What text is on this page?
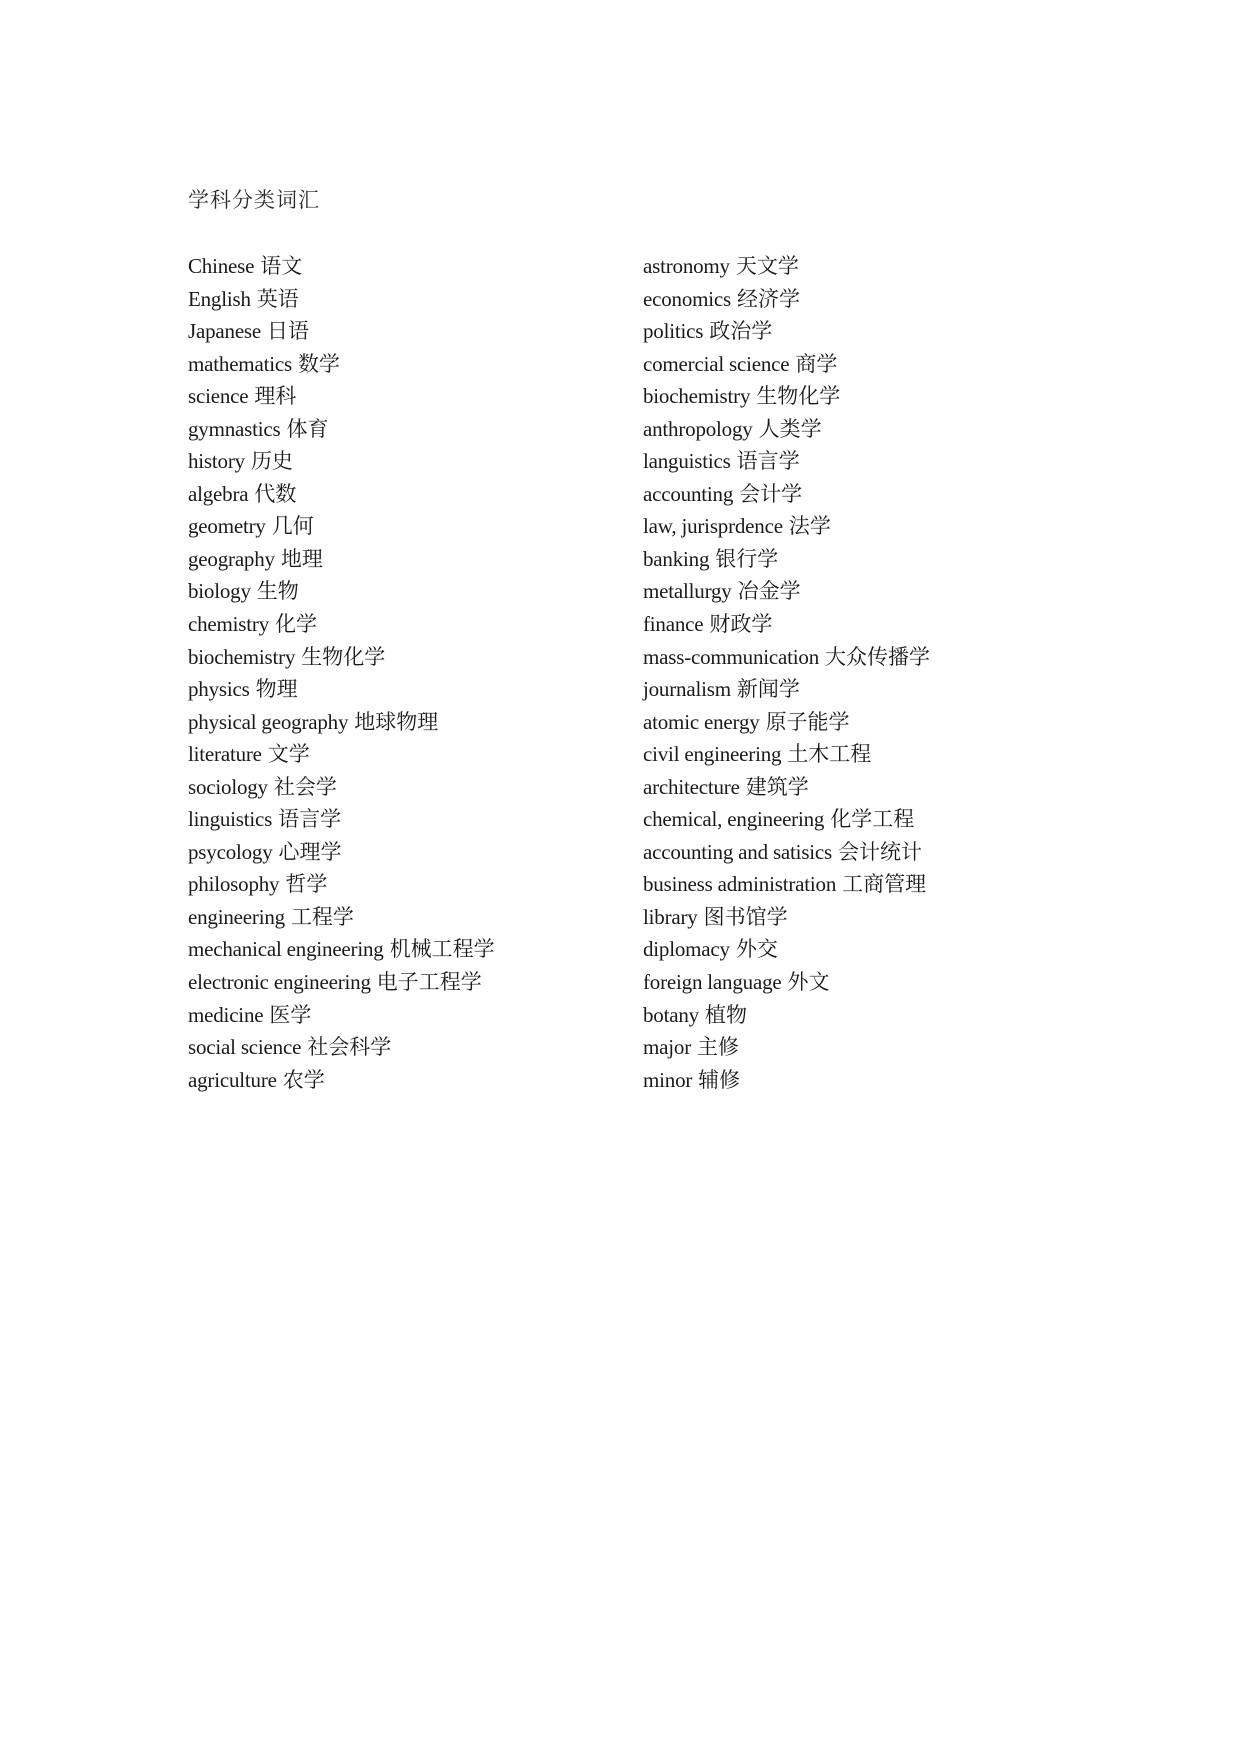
学科分类词汇
Chinese 语文
English 英语
Japanese 日语
mathematics 数学
science 理科
gymnastics 体育
history 历史
algebra 代数
geometry 几何
geography 地理
biology 生物
chemistry 化学
biochemistry 生物化学
physics 物理
physical geography 地球物理
literature 文学
sociology 社会学
linguistics 语言学
psycology 心理学
philosophy 哲学
engineering 工程学
mechanical engineering 机械工程学
electronic engineering 电子工程学
medicine 医学
social science 社会科学
agriculture 农学
astronomy 天文学
economics 经济学
politics 政治学
comercial science 商学
biochemistry 生物化学
anthropology 人类学
languistics 语言学
accounting 会计学
law, jurisprdence 法学
banking 银行学
metallurgy 冶金学
finance 财政学
mass-communication 大众传播学
journalism 新闻学
atomic energy 原子能学
civil engineering 土木工程
architecture 建筑学
chemical, engineering 化学工程
accounting and satisics 会计统计
business administration 工商管理
library 图书馆学
diplomacy 外交
foreign language 外文
botany 植物
major 主修
minor 辅修
